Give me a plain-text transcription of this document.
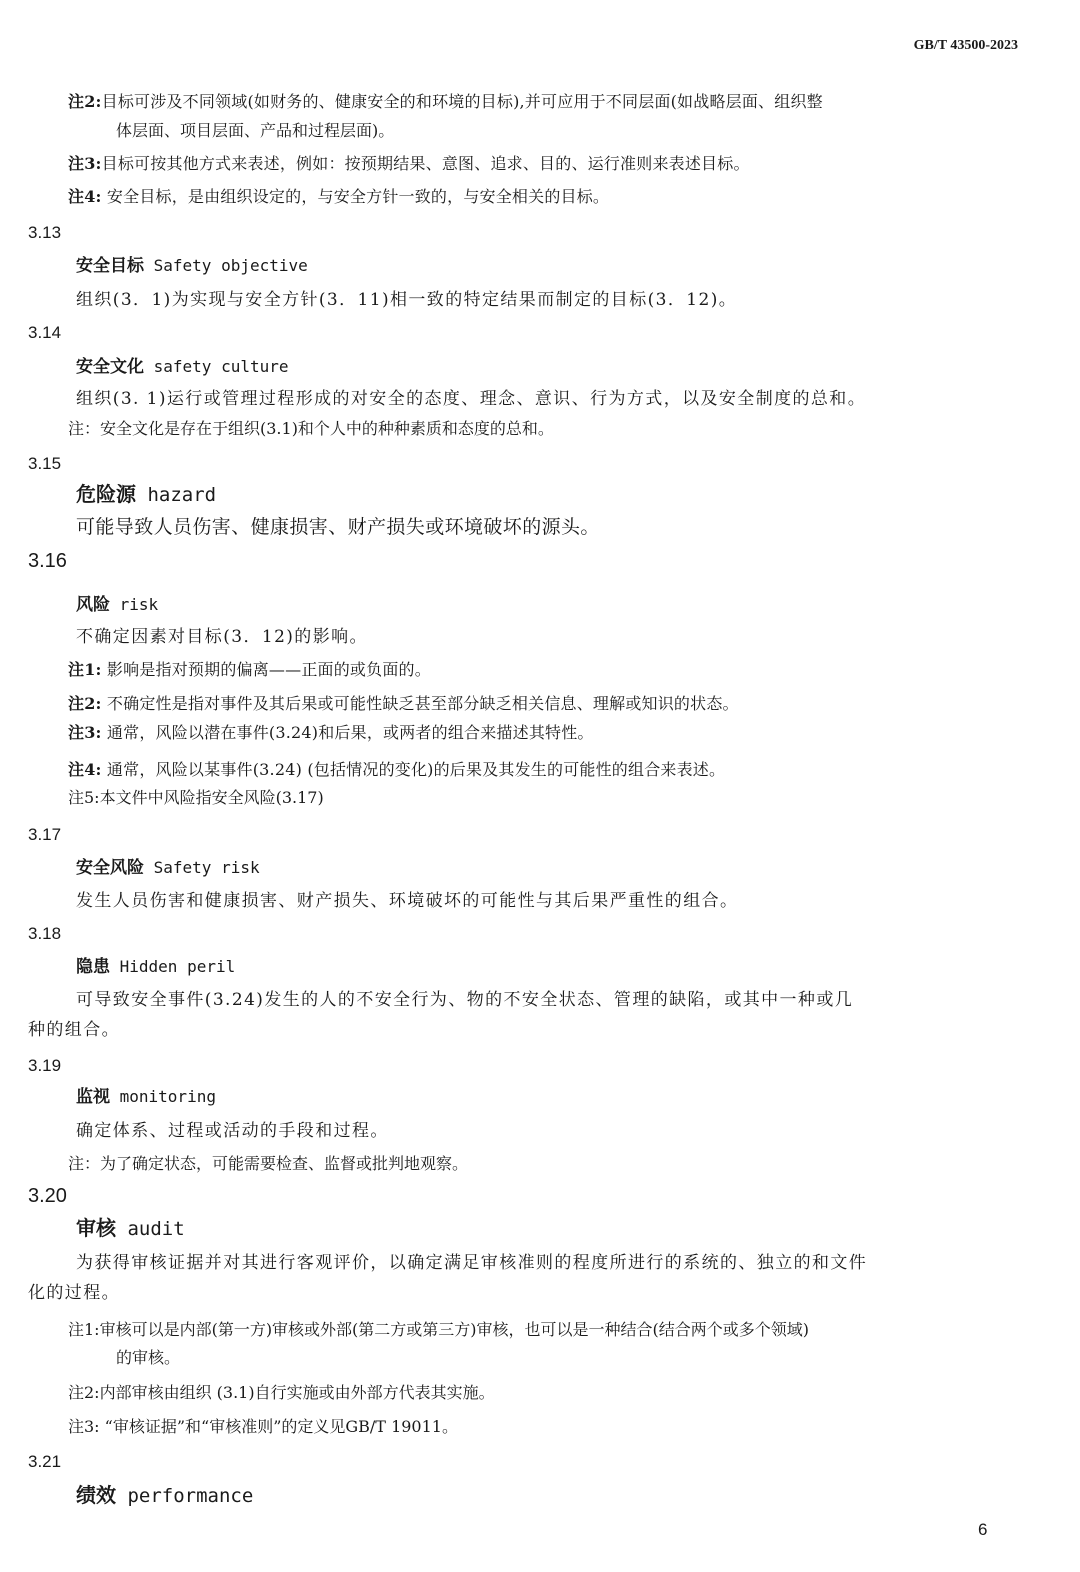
GB/T 43500-2023
注2:目标可涉及不同领域(如财务的、健康安全的和环境的目标),并可应用于不同层面(如战略层面、组织整
体层面、项目层面、产品和过程层面)。
注3:目标可按其他方式来表述，例如：按预期结果、意图、追求、目的、运行准则来表述目标。
注4: 安全目标，是由组织设定的，与安全方针一致的，与安全相关的目标。
3.13
安全目标 Safety objective
组织(3．1)为实现与安全方针(3．11)相一致的特定结果而制定的目标(3．12)。
3.14
安全文化 safety culture
组织(3. 1)运行或管理过程形成的对安全的态度、理念、意识、行为方式，以及安全制度的总和。
注：安全文化是存在于组织(3.1)和个人中的种种素质和态度的总和。
3.15
危险源 hazard
可能导致人员伤害、健康损害、财产损失或环境破坏的源头。
3.16
风险 risk
不确定因素对目标(3．12)的影响。
注1: 影响是指对预期的偏离——正面的或负面的。
注2: 不确定性是指对事件及其后果或可能性缺乏甚至部分缺乏相关信息、理解或知识的状态。
注3: 通常，风险以潜在事件(3.24)和后果，或两者的组合来描述其特性。
注4: 通常，风险以某事件(3.24) (包括情况的变化)的后果及其发生的可能性的组合来表述。
注5:本文件中风险指安全风险(3.17)
3.17
安全风险 Safety risk
发生人员伤害和健康损害、财产损失、环境破坏的可能性与其后果严重性的组合。
3.18
隐患 Hidden peril
可导致安全事件(3.24)发生的人的不安全行为、物的不安全状态、管理的缺陷，或其中一种或几
种的组合。
3.19
监视 monitoring
确定体系、过程或活动的手段和过程。
注：为了确定状态，可能需要检查、监督或批判地观察。
3.20
审核 audit
为获得审核证据并对其进行客观评价，以确定满足审核准则的程度所进行的系统的、独立的和文件
化的过程。
注1:审核可以是内部(第一方)审核或外部(第二方或第三方)审核，也可以是一种结合(结合两个或多个领域)
的审核。
注2:内部审核由组织 (3.1)自行实施或由外部方代表其实施。
注3: “审核证据”和“审核准则”的定义见GB/T 19011。
3.21
绩效 performance
6
